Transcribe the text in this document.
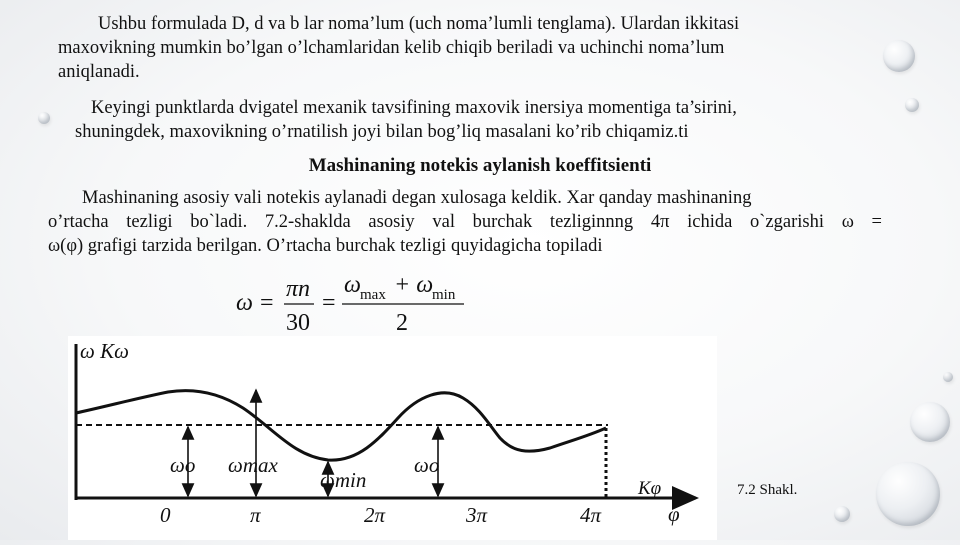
Ushbu formulada D, d va b lar noma’lum (uch noma’lumli tenglama). Ulardan ikkitasi
maxovikning mumkin bo’lgan o’lchamlaridan kelib chiqib beriladi va uchinchi noma’lum
aniqlanadi.
Keyingi punktlarda dvigatel mexanik tavsifining maxovik inersiya momentiga ta’sirini,
shuningdek, maxovikning o’rnatilish joyi bilan bog’liq masalani ko’rib chiqamiz.ti
Mashinaning notekis aylanish koeffitsienti
Mashinaning asosiy vali notekis aylanadi degan xulosaga keldik. Xar qanday mashinaning
o’rtacha tezligi bo`ladi. 7.2-shaklda asosiy val burchak tezliginnng 4π ichida o`zgarishi ω =
ω(φ) grafigi tarzida berilgan. O’rtacha burchak tezligi quyidagicha topiladi
ω =
πn
30
=
ω max + ω
min
2
ω Kω
Kφ
φ
ωo ωmax
ωmin
ωo
0	π	2π	3π	4π
7.2 Shakl.
